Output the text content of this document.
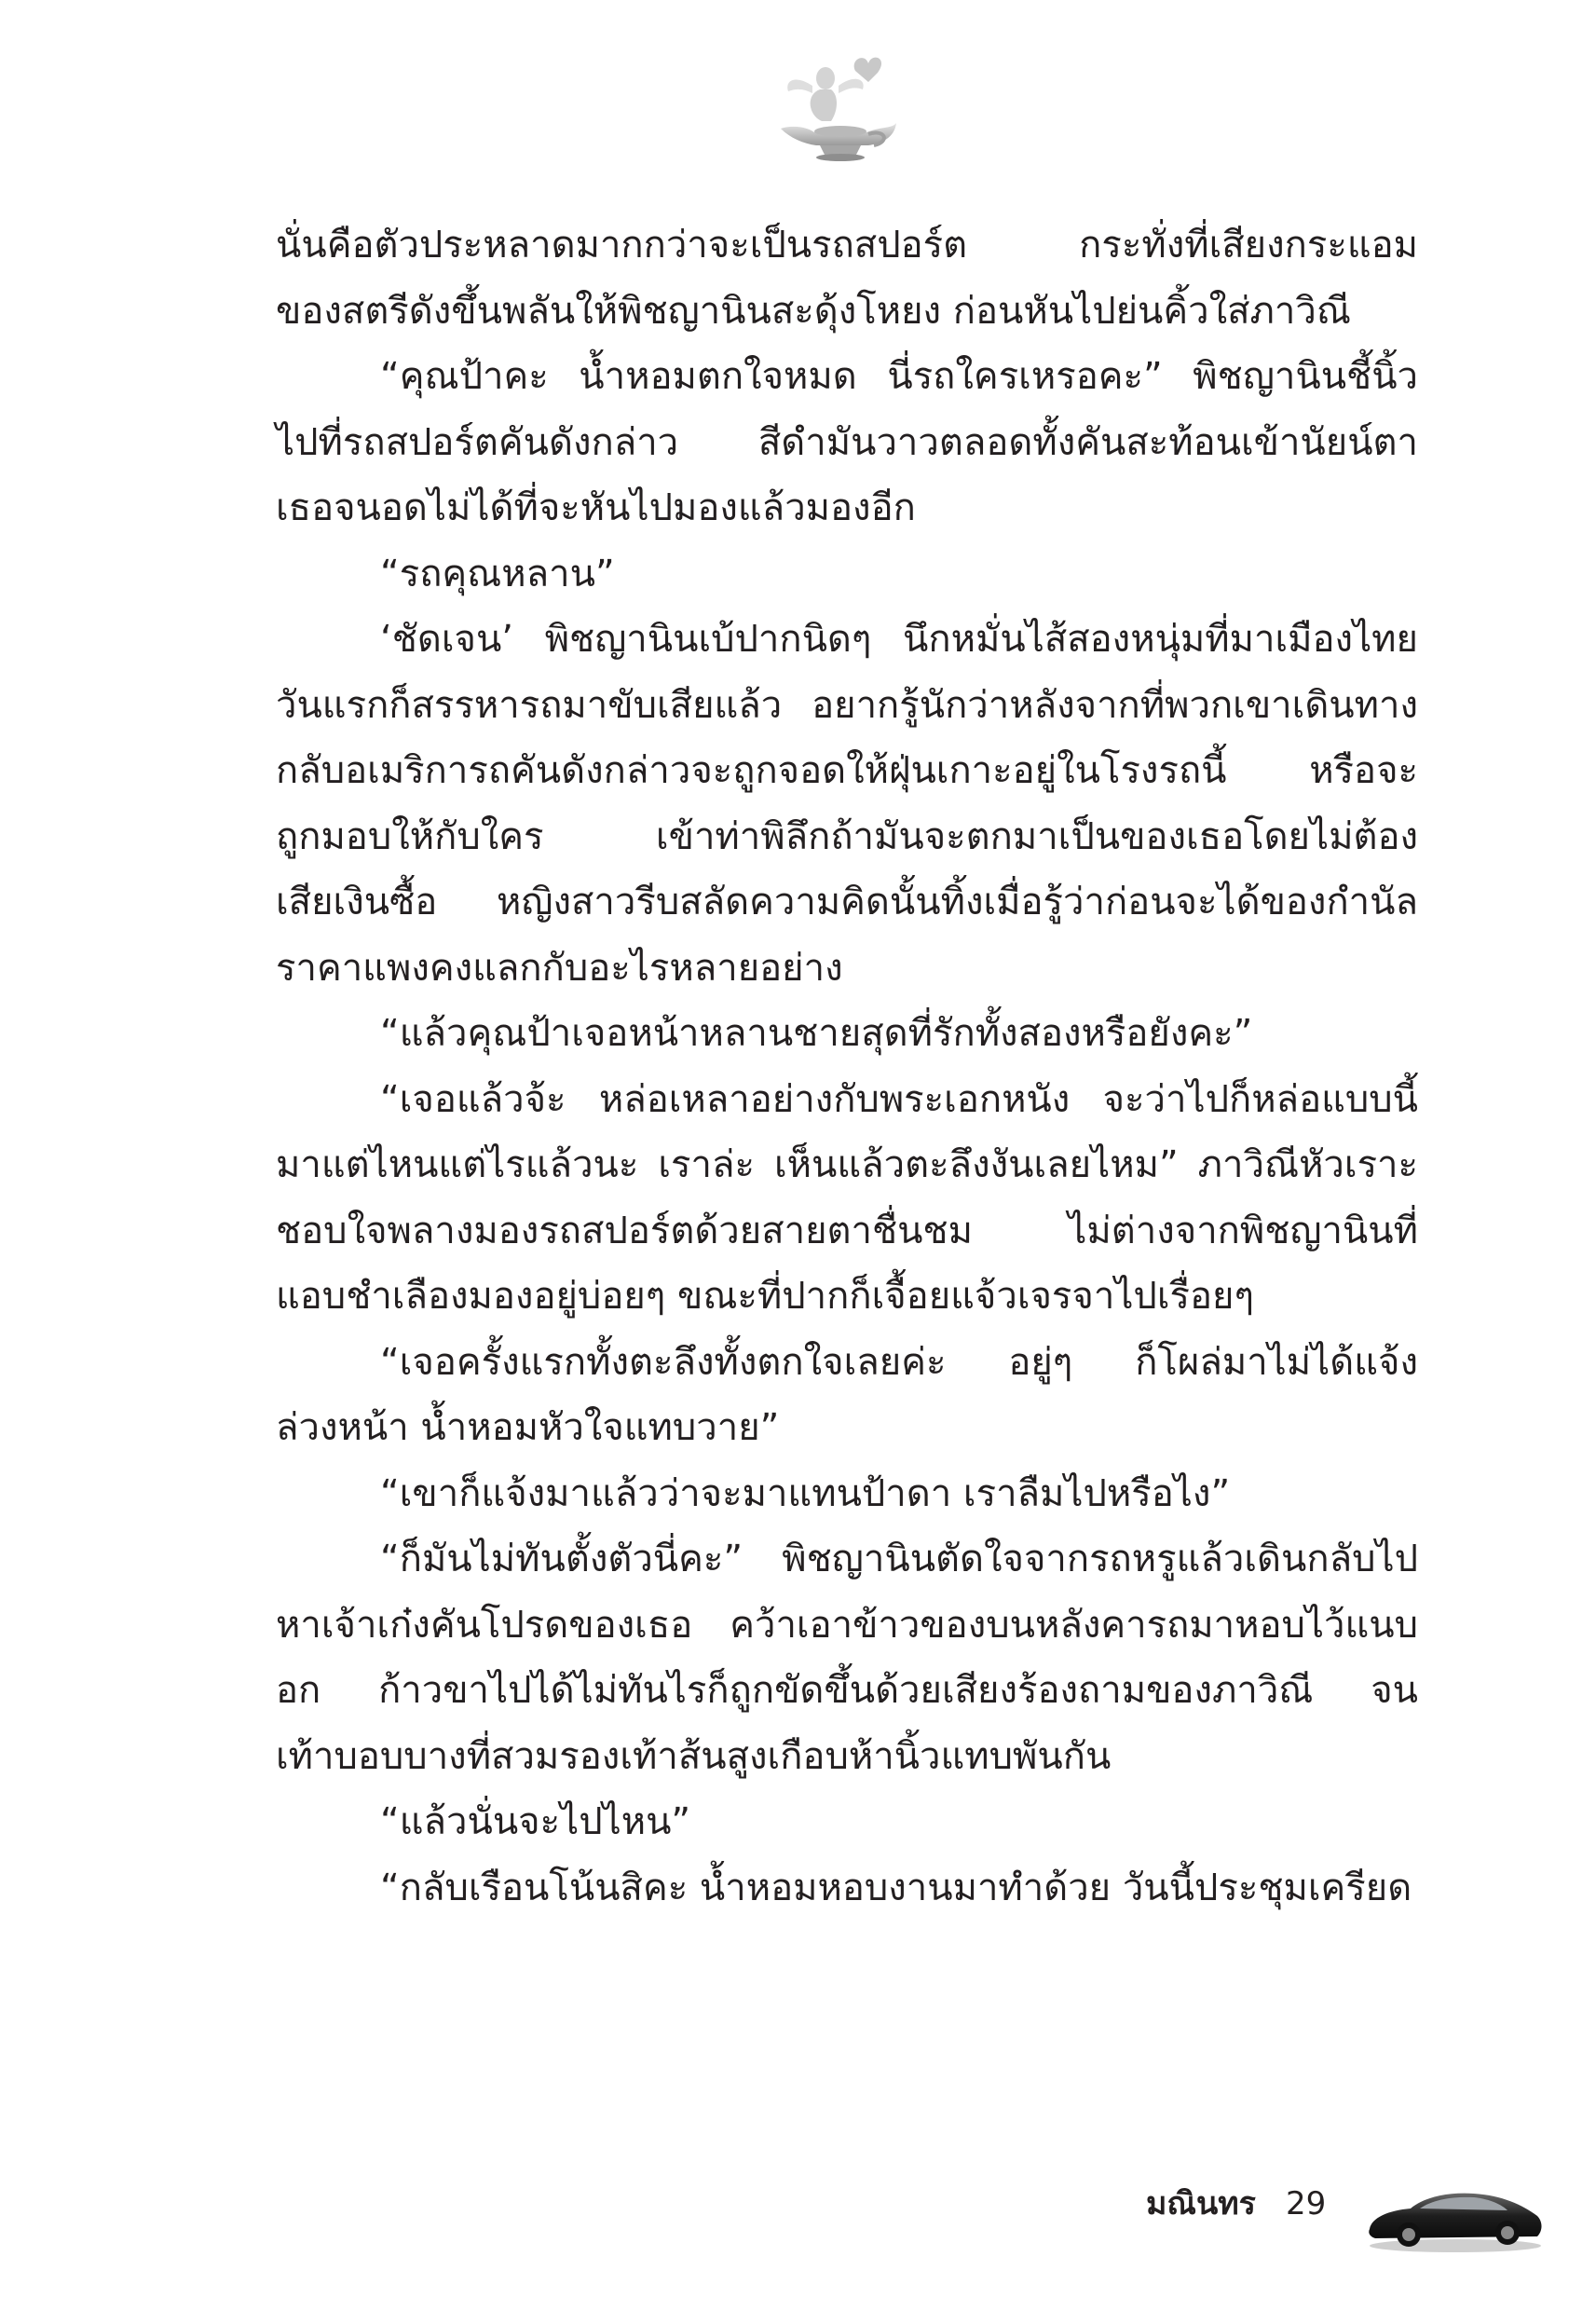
นั่นคือตัวประหลาดมากกว่าจะเป็นรถสปอร์ต กระทั่งที่เสียงกระแอม
ของสตรีดังขึ้นพลันให้พิชญานินสะดุ้งโหยง ก่อนหันไปย่นคิ้วใส่ภาวิณี
“คุณป้าคะ น้ำหอมตกใจหมด นี่รถใครเหรอคะ” พิชญานินชี้นิ้ว
ไปที่รถสปอร์ตคันดังกล่าว สีดำมันวาวตลอดทั้งคันสะท้อนเข้านัยน์ตา
เธอจนอดไม่ได้ที่จะหันไปมองแล้วมองอีก
“รถคุณหลาน”
‘ชัดเจน’ พิชญานินเบ้ปากนิดๆ นึกหมั่นไส้สองหนุ่มที่มาเมืองไทย
วันแรกก็สรรหารถมาขับเสียแล้ว อยากรู้นักว่าหลังจากที่พวกเขาเดินทาง
กลับอเมริการถคันดังกล่าวจะถูกจอดให้ฝุ่นเกาะอยู่ในโรงรถนี้ หรือจะ
ถูกมอบให้กับใคร เข้าท่าพิลึกถ้ามันจะตกมาเป็นของเธอโดยไม่ต้อง
เสียเงินซื้อ หญิงสาวรีบสลัดความคิดนั้นทิ้งเมื่อรู้ว่าก่อนจะได้ของกำนัล
ราคาแพงคงแลกกับอะไรหลายอย่าง
“แล้วคุณป้าเจอหน้าหลานชายสุดที่รักทั้งสองหรือยังคะ”
“เจอแล้วจ้ะ หล่อเหลาอย่างกับพระเอกหนัง จะว่าไปก็หล่อแบบนี้
มาแต่ไหนแต่ไรแล้วนะ เราล่ะ เห็นแล้วตะลึงงันเลยไหม” ภาวิณีหัวเราะ
ชอบใจพลางมองรถสปอร์ตด้วยสายตาชื่นชม ไม่ต่างจากพิชญานินที่
แอบชำเลืองมองอยู่บ่อยๆ ขณะที่ปากก็เจื้อยแจ้วเจรจาไปเรื่อยๆ
“เจอครั้งแรกทั้งตะลึงทั้งตกใจเลยค่ะ อยู่ๆ ก็โผล่มาไม่ได้แจ้ง
ล่วงหน้า น้ำหอมหัวใจแทบวาย”
“เขาก็แจ้งมาแล้วว่าจะมาแทนป้าดา เราลืมไปหรือไง”
“ก็มันไม่ทันตั้งตัวนี่คะ” พิชญานินตัดใจจากรถหรูแล้วเดินกลับไป
หาเจ้าเก๋งคันโปรดของเธอ คว้าเอาข้าวของบนหลังคารถมาหอบไว้แนบ
อก ก้าวขาไปได้ไม่ทันไรก็ถูกขัดขึ้นด้วยเสียงร้องถามของภาวิณี จน
เท้าบอบบางที่สวมรองเท้าส้นสูงเกือบห้านิ้วแทบพันกัน
“แล้วนั่นจะไปไหน”
“กลับเรือนโน้นสิคะ น้ำหอมหอบงานมาทำด้วย วันนี้ประชุมเครียด
มณินทร 29
